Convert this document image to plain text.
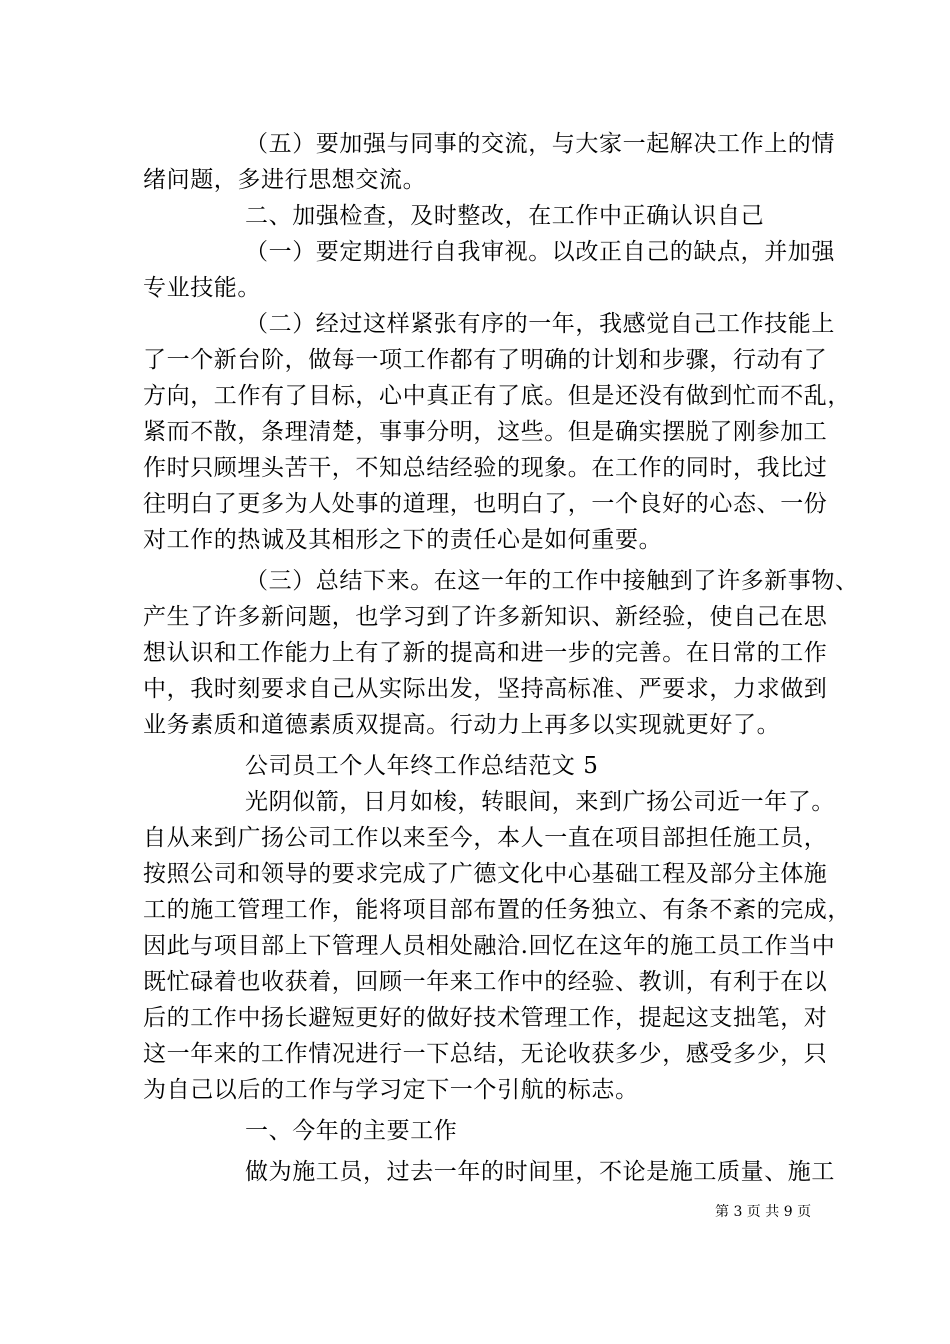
（五）要加强与同事的交流，与大家一起解决工作上的情
绪问题，多进行思想交流。
二、加强检查，及时整改，在工作中正确认识自己
（一）要定期进行自我审视。以改正自己的缺点，并加强
专业技能。
（二）经过这样紧张有序的一年，我感觉自己工作技能上
了一个新台阶，做每一项工作都有了明确的计划和步骤，行动有了
方向，工作有了目标，心中真正有了底。但是还没有做到忙而不乱，
紧而不散，条理清楚，事事分明，这些。但是确实摆脱了刚参加工
作时只顾埋头苦干，不知总结经验的现象。在工作的同时，我比过
往明白了更多为人处事的道理，也明白了，一个良好的心态、一份
对工作的热诚及其相形之下的责任心是如何重要。
（三）总结下来。在这一年的工作中接触到了许多新事物、
产生了许多新问题，也学习到了许多新知识、新经验，使自己在思
想认识和工作能力上有了新的提高和进一步的完善。在日常的工作
中，我时刻要求自己从实际出发，坚持高标准、严要求，力求做到
业务素质和道德素质双提高。行动力上再多以实现就更好了。
公司员工个人年终工作总结范文 5
光阴似箭，日月如梭，转眼间，来到广扬公司近一年了。
自从来到广扬公司工作以来至今，本人一直在项目部担任施工员，
按照公司和领导的要求完成了广德文化中心基础工程及部分主体施
工的施工管理工作，能将项目部布置的任务独立、有条不紊的完成，
因此与项目部上下管理人员相处融洽.回忆在这年的施工员工作当中
既忙碌着也收获着，回顾一年来工作中的经验、教训，有利于在以
后的工作中扬长避短更好的做好技术管理工作，提起这支拙笔，对
这一年来的工作情况进行一下总结，无论收获多少，感受多少，只
为自己以后的工作与学习定下一个引航的标志。
一、今年的主要工作
做为施工员，过去一年的时间里，不论是施工质量、施工
第 3 页 共 9 页
